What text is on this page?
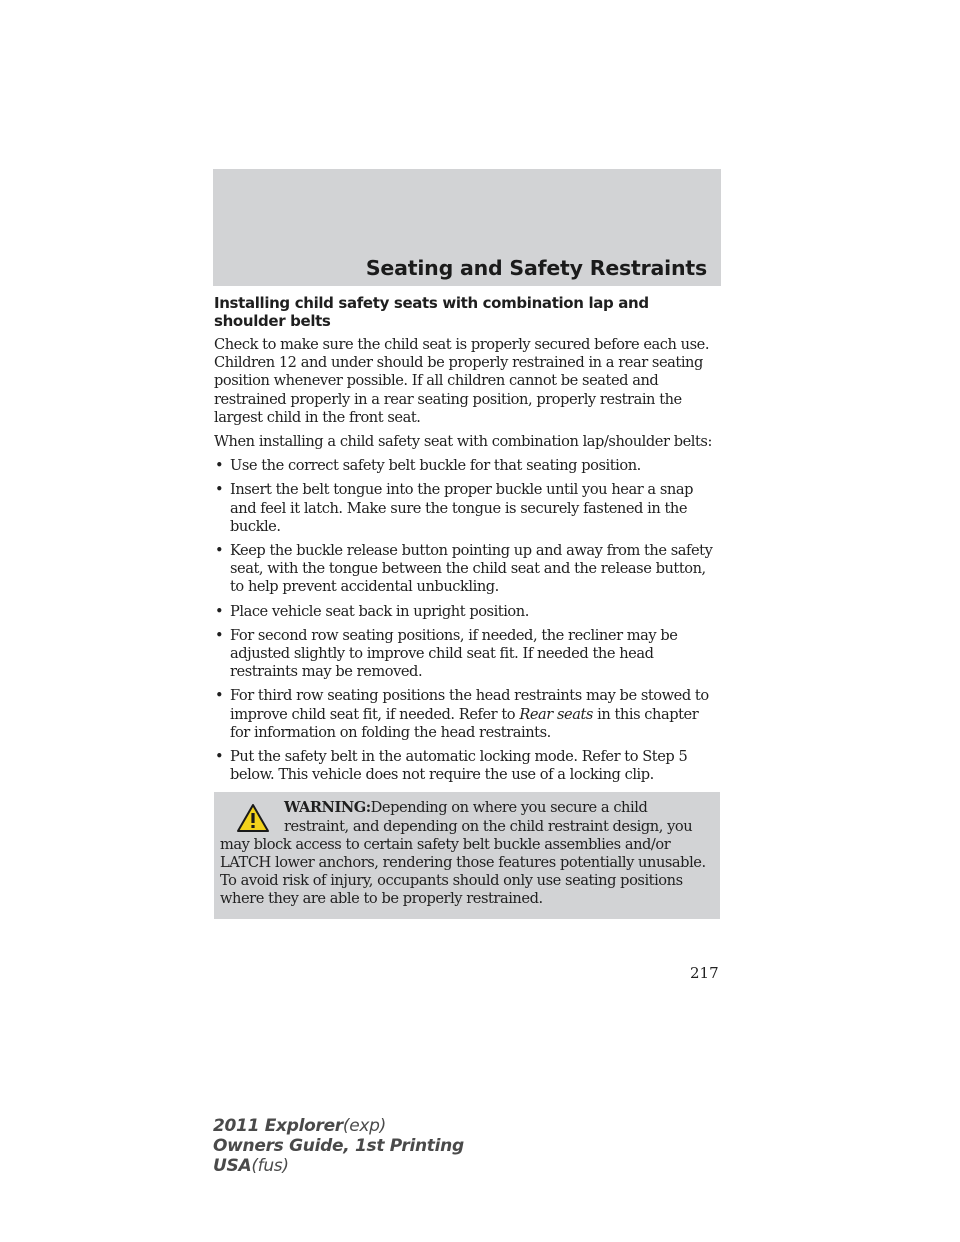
Seating and Safety Restraints
Installing child safety seats with combination lap and shoulder belts

Check to make sure the child seat is properly secured before each use. Children 12 and under should be properly restrained in a rear seating position whenever possible. If all children cannot be seated and restrained properly in a rear seating position, properly restrain the largest child in the front seat.

When installing a child safety seat with combination lap/shoulder belts:

• Use the correct safety belt buckle for that seating position.
• Insert the belt tongue into the proper buckle until you hear a snap and feel it latch. Make sure the tongue is securely fastened in the buckle.
• Keep the buckle release button pointing up and away from the safety seat, with the tongue between the child seat and the release button, to help prevent accidental unbuckling.
• Place vehicle seat back in upright position.
• For second row seating positions, if needed, the recliner may be adjusted slightly to improve child seat fit. If needed the head restraints may be removed.
• For third row seating positions the head restraints may be stowed to improve child seat fit, if needed. Refer to Rear seats in this chapter for information on folding the head restraints.
• Put the safety belt in the automatic locking mode. Refer to Step 5 below. This vehicle does not require the use of a locking clip.
WARNING:Depending on where you secure a child restraint, and depending on the child restraint design, you may block access to certain safety belt buckle assemblies and/or LATCH lower anchors, rendering those features potentially unusable. To avoid risk of injury, occupants should only use seating positions where they are able to be properly restrained.
217
2011 Explorer(exp)
Owners Guide, 1st Printing
USA(fus)
